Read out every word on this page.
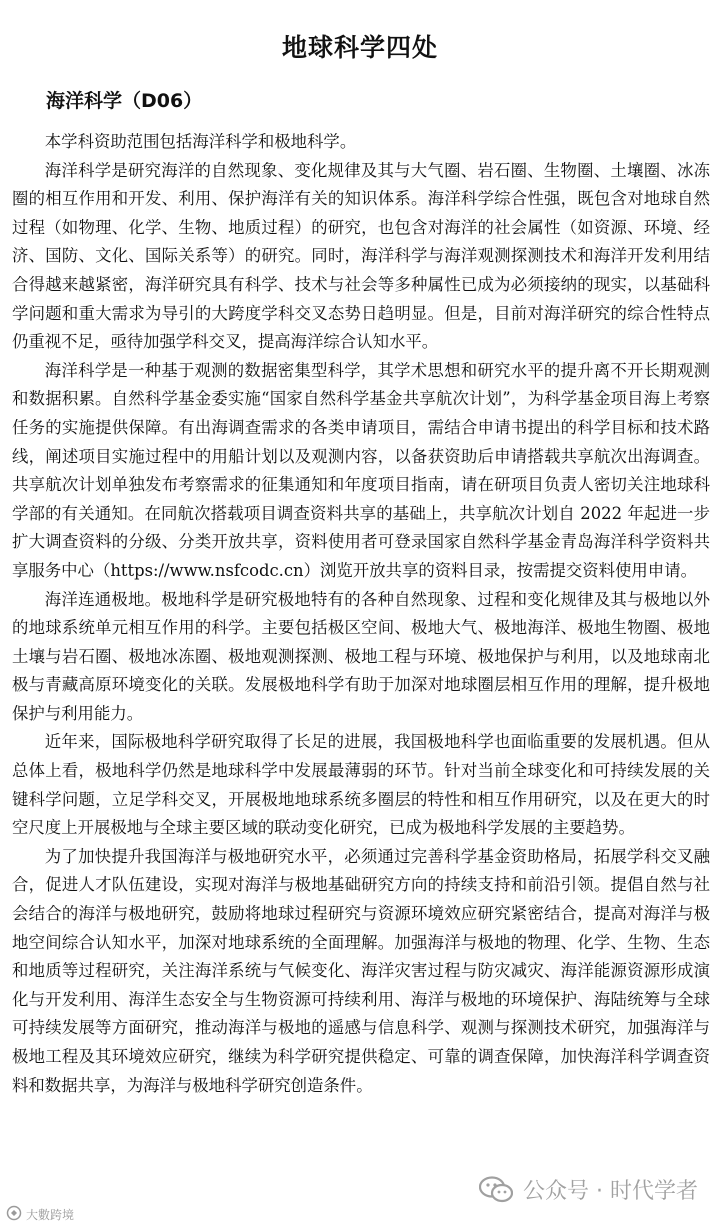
地球科学四处
海洋科学（D06）

本学科资助范围包括海洋科学和极地科学。

海洋科学是研究海洋的自然现象、变化规律及其与大气圈、岩石圈、生物圈、土壤圈、冰冻圈的相互作用和开发、利用、保护海洋有关的知识体系。海洋科学综合性强，既包含对地球自然过程（如物理、化学、生物、地质过程）的研究，也包含对海洋的社会属性（如资源、环境、经济、国防、文化、国际关系等）的研究。同时，海洋科学与海洋观测探测技术和海洋开发利用结合得越来越紧密，海洋研究具有科学、技术与社会等多种属性已成为必须接纳的现实，以基础科学问题和重大需求为导引的大跨度学科交叉态势日趋明显。但是，目前对海洋研究的综合性特点仍重视不足，亟待加强学科交叉，提高海洋综合认知水平。

海洋科学是一种基于观测的数据密集型科学，其学术思想和研究水平的提升离不开长期观测和数据积累。自然科学基金委实施“国家自然科学基金共享航次计划”，为科学基金项目海上考察任务的实施提供保障。有出海调查需求的各类申请项目，需结合申请书提出的科学目标和技术路线，阐述项目实施过程中的用船计划以及观测内容，以备获资助后申请搭载共享航次出海调查。共享航次计划单独发布考察需求的征集通知和年度项目指南，请在研项目负责人密切关注地球科学部的有关通知。在同航次搭载项目调查资料共享的基础上，共享航次计划自 2022 年起进一步扩大调查资料的分级、分类开放共享，资料使用者可登录国家自然科学基金青岛海洋科学资料共享服务中心（https://www.nsfcodc.cn）浏览开放共享的资料目录，按需提交资料使用申请。

海洋连通极地。极地科学是研究极地特有的各种自然现象、过程和变化规律及其与极地以外的地球系统单元相互作用的科学。主要包括极区空间、极地大气、极地海洋、极地生物圈、极地土壤与岩石圈、极地冰冻圈、极地观测探测、极地工程与环境、极地保护与利用，以及地球南北极与青藏高原环境变化的关联。发展极地科学有助于加深对地球圈层相互作用的理解，提升极地保护与利用能力。

近年来，国际极地科学研究取得了长足的进展，我国极地科学也面临重要的发展机遇。但从总体上看，极地科学仍然是地球科学中发展最薄弱的环节。针对当前全球变化和可持续发展的关键科学问题，立足学科交叉，开展极地地球系统多圈层的特性和相互作用研究，以及在更大的时空尺度上开展极地与全球主要区域的联动变化研究，已成为极地科学发展的主要趋势。

为了加快提升我国海洋与极地研究水平，必须通过完善科学基金资助格局，拓展学科交叉融合，促进人才队伍建设，实现对海洋与极地基础研究方向的持续支持和前沿引领。提倡自然与社会结合的海洋与极地研究，鼓励将地球过程研究与资源环境效应研究紧密结合，提高对海洋与极地空间综合认知水平，加深对地球系统的全面理解。加强海洋与极地的物理、化学、生物、生态和地质等过程研究，关注海洋系统与气候变化、海洋灾害过程与防灾减灾、海洋能源资源形成演化与开发利用、海洋生态安全与生物资源可持续利用、海洋与极地的环境保护、海陆统筹与全球可持续发展等方面研究，推动海洋与极地的遥感与信息科学、观测与探测技术研究，加强海洋与极地工程及其环境效应研究，继续为科学研究提供稳定、可靠的调查保障，加快海洋科学调查资料和数据共享，为海洋与极地科学研究创造条件。

公众号 · 时代学者
大數跨境
